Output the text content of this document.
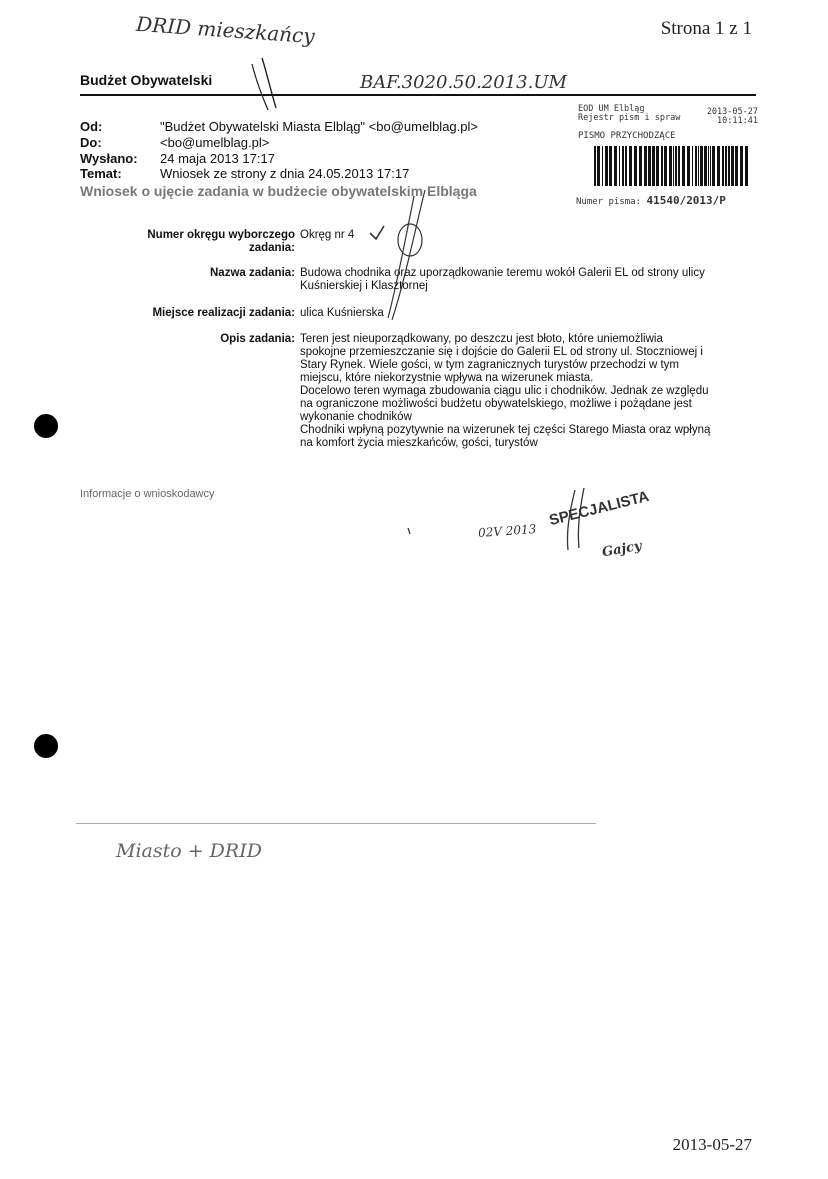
Strona 1 z 1
Budżet Obywatelski
Od:	"Budżet Obywatelski Miasta Elbląg" <bo@umelblag.pl>
Do:	<bo@umelblag.pl>
Wysłano: 24 maja 2013 17:17
Temat:	Wniosek ze strony z dnia 24.05.2013 17:17
Wniosek o ujęcie zadania w budżecie obywatelskim Elbląga
Numer okręgu wyborczego
zadania:
Okręg nr 4
Nazwa zadania: Budowa chodnika oraz uporządkowanie teremu wokół Galerii EL od strony ulicy
Kuśnierskiej i Klasztornej
Miejsce realizacji zadania: ulica Kuśnierska
Opis zadania: Teren jest nieuporządkowany, po deszczu jest błoto, które uniemożliwia
spokojne przemieszczanie się i dojście do Galerii EL od strony ul. Stoczniowej i
Stary Rynek. Wiele gości, w tym zagranicznych turystów przechodzi w tym
miejscu, które niekorzystnie wpływa na wizerunek miasta.
Docelowo teren wymaga zbudowania ciągu ulic i chodników. Jednak ze względu
na ograniczone możliwości budżetu obywatelskiego, możliwe i pożądane jest
wykonanie chodników
Chodniki wpłyną pozytywnie na wizerunek tej części Starego Miasta oraz wpłyną
na komfort życia mieszkańców, gości, turystów
Informacje o wnioskodawcy
EOD UM Elbląg
Rejestr pism i spraw
2013-05-27
10:11:41
PISMO PRZYCHODZĄCE
Numer pisma: 41540/2013/P
DRID mieszkańcy
BAF.3020.50.2013.UM
02V 2013
SPECJALISTA
Gajcy
Miasto + DRID
2013-05-27
